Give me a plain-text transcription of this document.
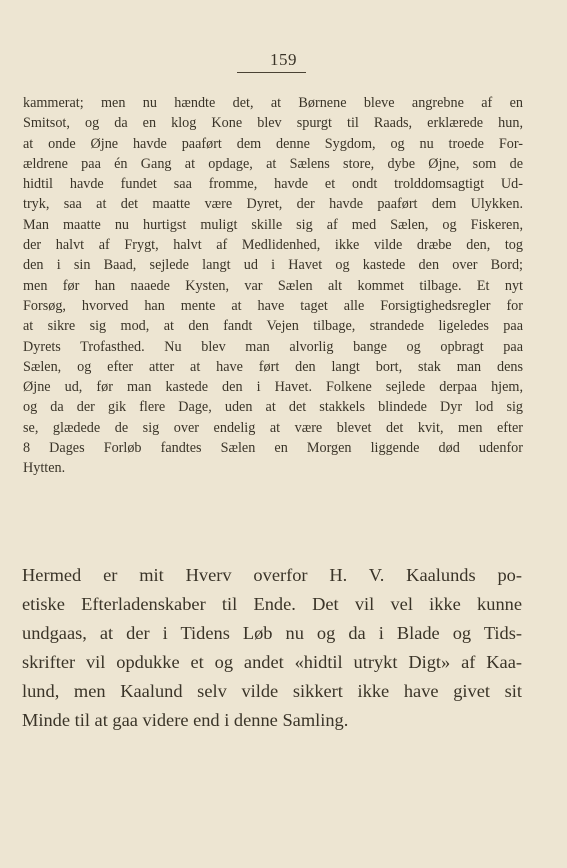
159
kammerat; men nu hændte det, at Børnene bleve angrebne af en
Smitsot, og da en klog Kone blev spurgt til Raads, erklærede hun,
at onde Øjne havde paaført dem denne Sygdom, og nu troede For-
ældrene paa én Gang at opdage, at Sælens store, dybe Øjne, som de
hidtil havde fundet saa fromme, havde et ondt trolddomsagtigt Ud-
tryk, saa at det maatte være Dyret, der havde paaført dem Ulykken.
Man maatte nu hurtigst muligt skille sig af med Sælen, og Fiskeren,
der halvt af Frygt, halvt af Medlidenhed, ikke vilde dræbe den, tog
den i sin Baad, sejlede langt ud i Havet og kastede den over Bord;
men før han naaede Kysten, var Sælen alt kommet tilbage. Et nyt
Forsøg, hvorved han mente at have taget alle Forsigtighedsregler for
at sikre sig mod, at den fandt Vejen tilbage, strandede ligeledes paa
Dyrets Trofasthed. Nu blev man alvorlig bange og opbragt paa
Sælen, og efter atter at have ført den langt bort, stak man dens
Øjne ud, før man kastede den i Havet. Folkene sejlede derpaa hjem,
og da der gik flere Dage, uden at det stakkels blindede Dyr lod sig
se, glædede de sig over endelig at være blevet det kvit, men efter
8 Dages Forløb fandtes Sælen en Morgen liggende død udenfor
Hytten.
Hermed er mit Hverv overfor H. V. Kaalunds po-
etiske Efterladenskaber til Ende. Det vil vel ikke kunne
undgaas, at der i Tidens Løb nu og da i Blade og Tids-
skrifter vil opdukke et og andet «hidtil utrykt Digt» af Kaa-
lund, men Kaalund selv vilde sikkert ikke have givet sit
Minde til at gaa videre end i denne Samling.
